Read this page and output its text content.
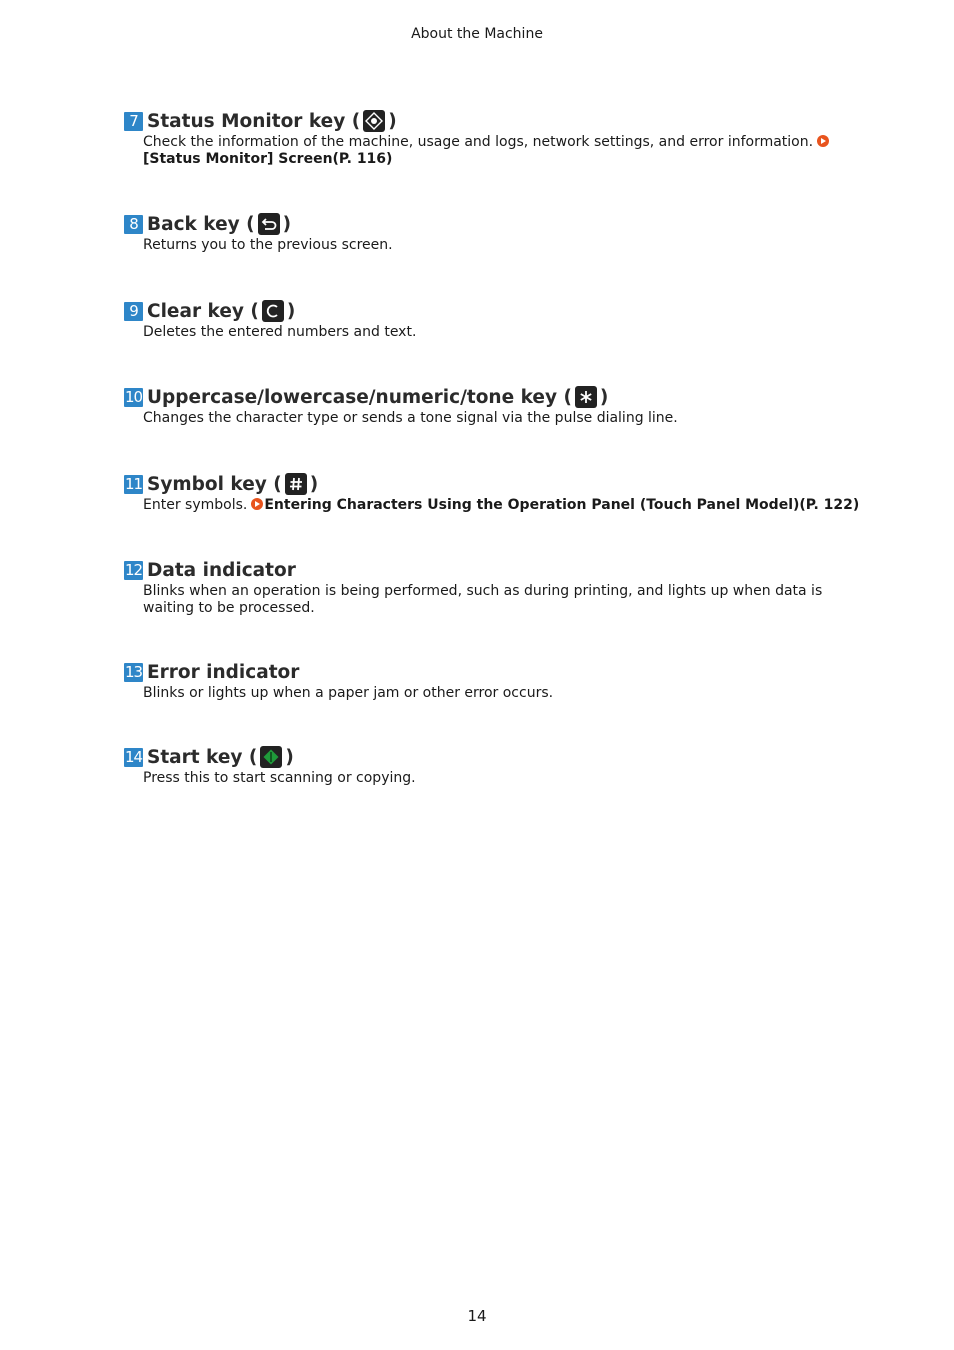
About the Machine
7 Status Monitor key ( )
Check the information of the machine, usage and logs, network settings, and error information.[Status Monitor] Screen(P. 116)
8 Back key ( )
Returns you to the previous screen.
9 Clear key ( )
Deletes the entered numbers and text.
10 Uppercase/lowercase/numeric/tone key ( )
Changes the character type or sends a tone signal via the pulse dialing line.
11 Symbol key ( )
Enter symbols. Entering Characters Using the Operation Panel (Touch Panel Model)(P. 122)
12 Data indicator
Blinks when an operation is being performed, such as during printing, and lights up when data is waiting to be processed.
13 Error indicator
Blinks or lights up when a paper jam or other error occurs.
14 Start key ( )
Press this to start scanning or copying.
14
